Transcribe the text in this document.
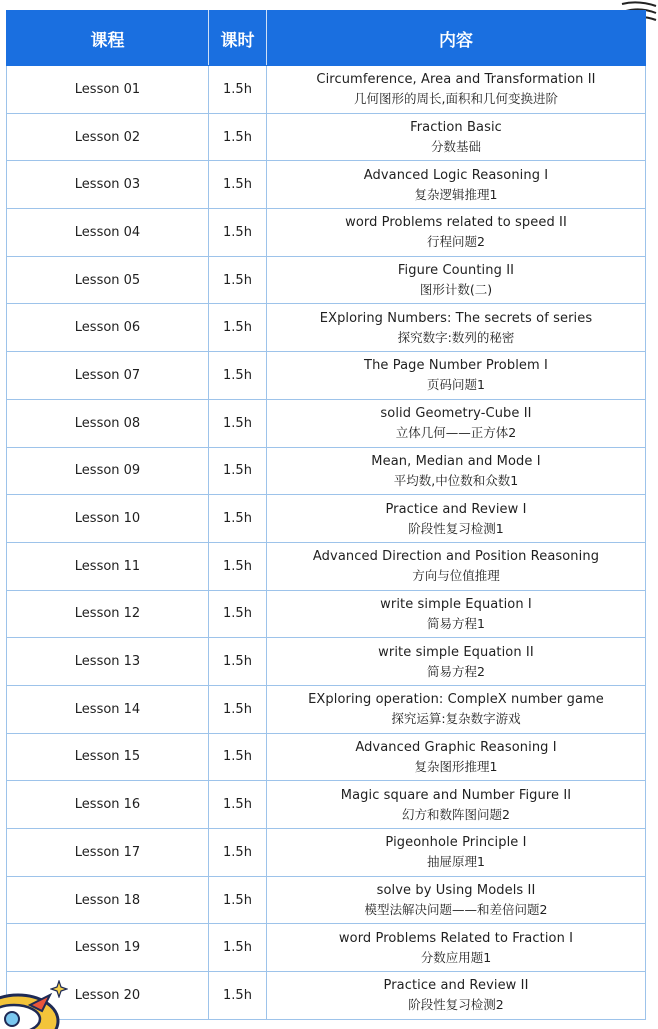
课程	课时	内容
Lesson 01	1.5h	Circumference, Area and Transformation II
几何图形的周长,面积和几何变换进阶

Lesson 02	1.5h	Fraction Basic
分数基础

Lesson 03	1.5h	Advanced Logic Reasoning I
复杂逻辑推理1

Lesson 04	1.5h	word Problems related to speed II
行程问题2

Lesson 05	1.5h	Figure Counting II
图形计数(二)

Lesson 06	1.5h	EXploring Numbers: The secrets of series
探究数字:数列的秘密

Lesson 07	1.5h	The Page Number Problem I
页码问题1

Lesson 08	1.5h	solid Geometry-Cube II
立体几何——正方体2

Lesson 09	1.5h	Mean, Median and Mode I
平均数,中位数和众数1

Lesson 10	1.5h	Practice and Review I
阶段性复习检测1

Lesson 11	1.5h	Advanced Direction and Position Reasoning
方向与位值推理

Lesson 12	1.5h	write simple Equation I
简易方程1

Lesson 13	1.5h	write simple Equation II
简易方程2

Lesson 14	1.5h	EXploring operation: CompleX number game
探究运算:复杂数字游戏

Lesson 15	1.5h	Advanced Graphic Reasoning I
复杂图形推理1

Lesson 16	1.5h	Magic square and Number Figure II
幻方和数阵图问题2

Lesson 17	1.5h	Pigeonhole Principle I
抽屉原理1

Lesson 18	1.5h	solve by Using Models II
模型法解决问题——和差倍问题2

Lesson 19	1.5h	word Problems Related to Fraction I
分数应用题1

Lesson 20	1.5h	Practice and Review II
阶段性复习检测2
